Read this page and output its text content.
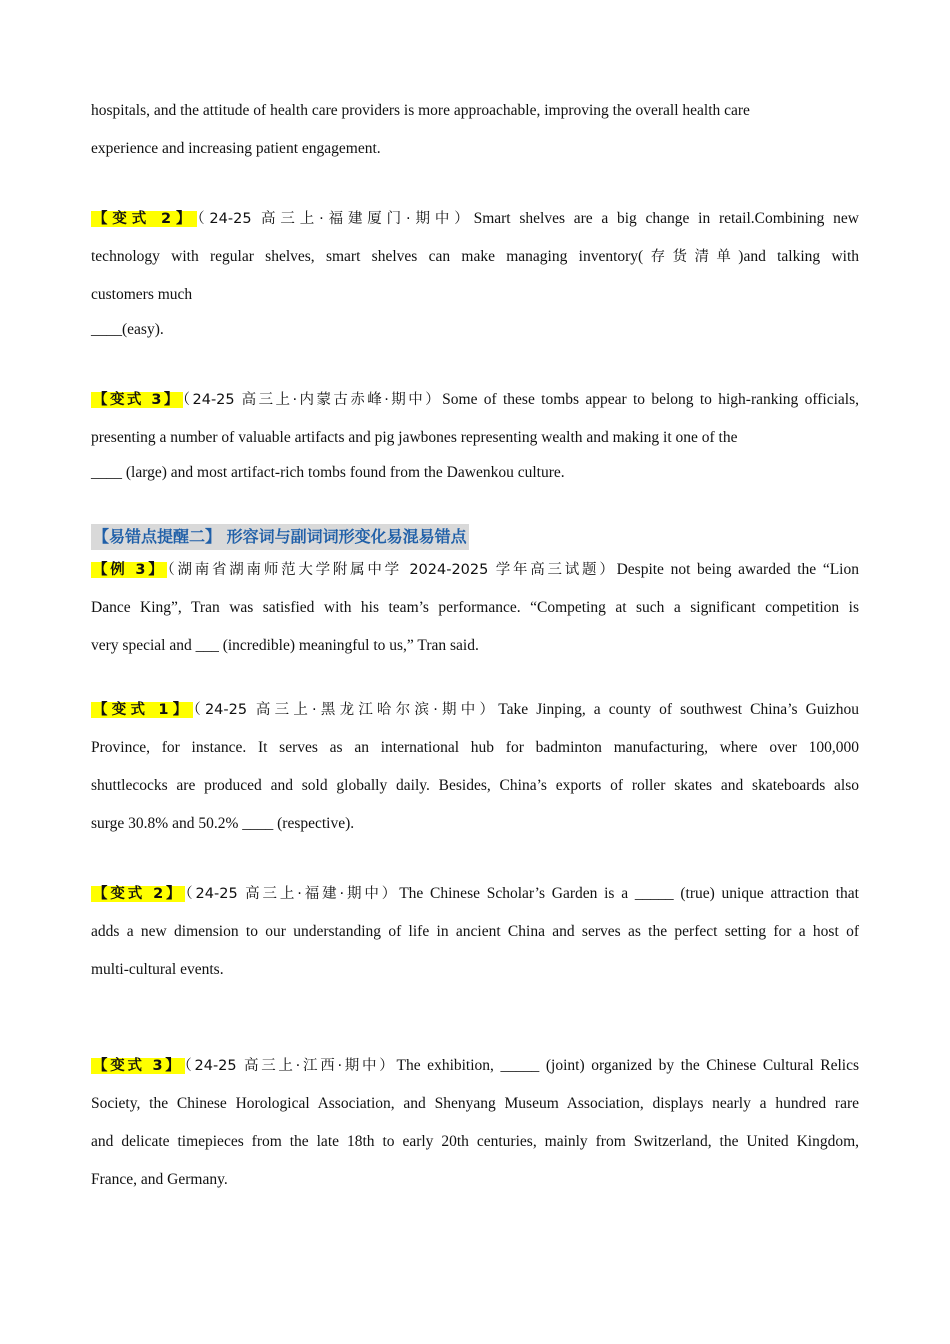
hospitals, and the attitude of health care providers is more approachable, improving the overall health care
experience and increasing patient engagement.
【变式 2】 （24-25 高三上·福建厦门·期中）Smart shelves are a big change in retail.Combining new
technology with regular shelves, smart shelves can make managing inventory(存货清单)and talking with
customers much
____(easy).
【变式 3】 （24-25 高三上·内蒙古赤峰·期中）Some of these tombs appear to belong to high-ranking officials,
presenting a number of valuable artifacts and pig jawbones representing wealth and making it one of the
____ (large) and most artifact-rich tombs found from the Dawenkou culture.
【易错点提醒二】 形容词与副词词形变化易混易错点
【例 3】 （湖南省湖南师范大学附属中学 2024-2025 学年高三试题）Despite not being awarded the “Lion
Dance King”, Tran was satisfied with his team’s performance. “Competing at such a significant competition is
very special and ___ (incredible) meaningful to us,” Tran said.
【变式 1】 （24-25 高三上·黑龙江哈尔滨·期中）Take Jinping, a county of southwest China’s Guizhou
Province, for instance. It serves as an international hub for badminton manufacturing, where over 100,000
shuttlecocks are produced and sold globally daily. Besides, China’s exports of roller skates and skateboards also
surge 30.8% and 50.2% ____ (respective).
【变式 2】 （24-25 高三上·福建·期中）The Chinese Scholar’s Garden is a _____ (true) unique attraction that
adds a new dimension to our understanding of life in ancient China and serves as the perfect setting for a host of
multi-cultural events.
【变式 3】 （24-25 高三上·江西·期中）The exhibition, _____ (joint) organized by the Chinese Cultural Relics
Society, the Chinese Horological Association, and Shenyang Museum Association, displays nearly a hundred rare
and delicate timepieces from the late 18th to early 20th centuries, mainly from Switzerland, the United Kingdom,
France, and Germany.
